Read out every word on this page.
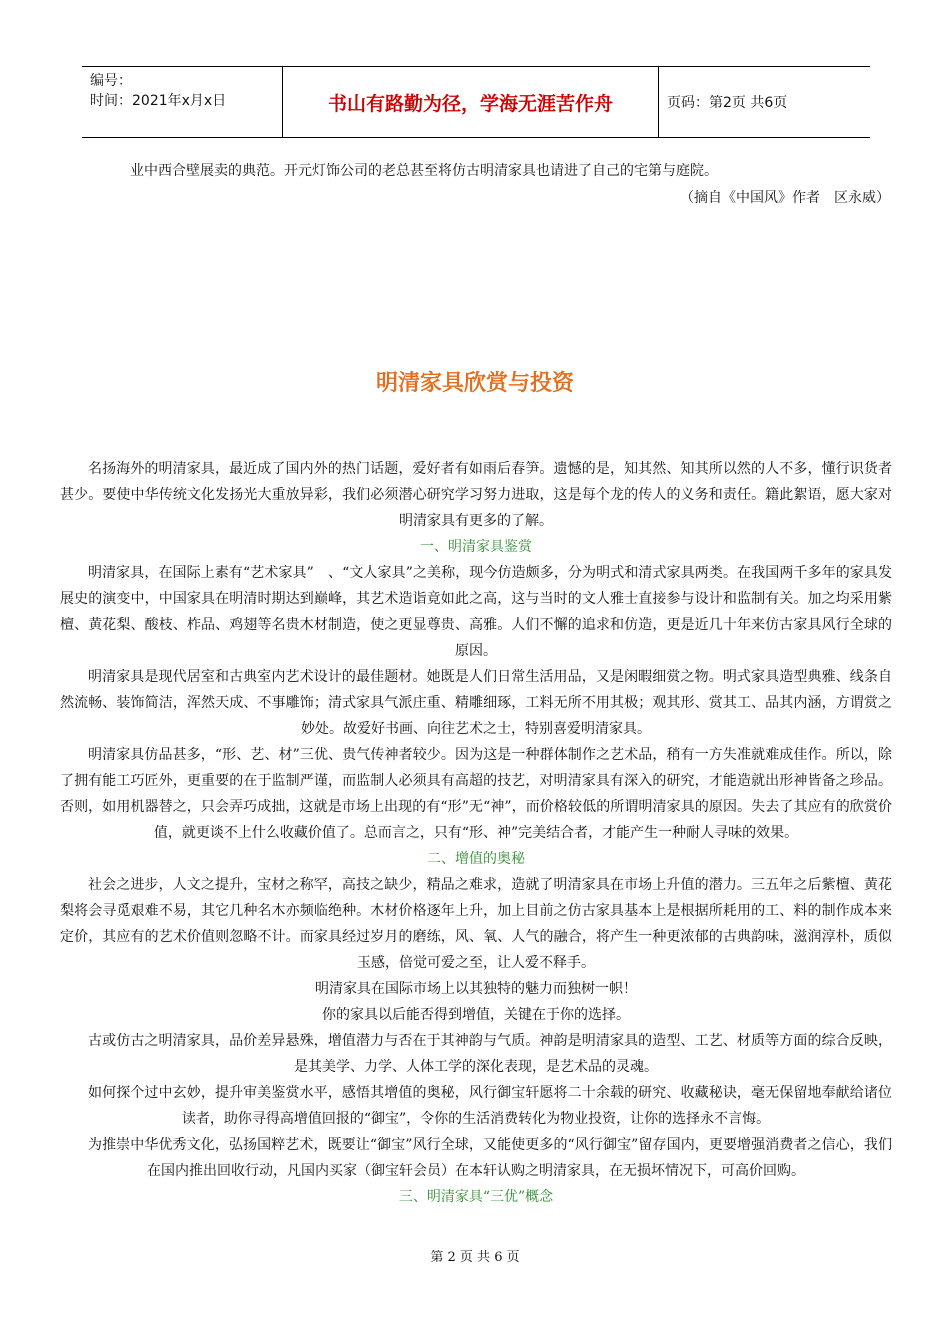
编号：
时间：2021年x月x日	书山有路勤为径，学海无涯苦作舟	页码：第2页 共6页
业中西合壁展卖的典范。开元灯饰公司的老总甚至将仿古明清家具也请进了自己的宅第与庭院。
（摘自《中国风》作者　区永威）
明清家具欣赏与投资

名扬海外的明清家具，最近成了国内外的热门话题，爱好者有如雨后春笋。遗憾的是，知其然、知其所以然的人不多，懂行识货者甚少。要使中华传统文化发扬光大重放异彩，我们必须潜心研究学习努力进取，这是每个龙的传人的义务和责任。籍此絮语，愿大家对明清家具有更多的了解。

一、明清家具鉴赏

明清家具，在国际上素有“艺术家具”　、“文人家具”之美称，现今仿造颇多，分为明式和清式家具两类。在我国两千多年的家具发展史的演变中，中国家具在明清时期达到巅峰，其艺术造诣竟如此之高，这与当时的文人雅士直接参与设计和监制有关。加之均采用紫檀、黄花梨、酸枝、柞品、鸡翅等名贵木材制造，使之更显尊贵、高雅。人们不懈的追求和仿造，更是近几十年来仿古家具风行全球的原因。

明清家具是现代居室和古典室内艺术设计的最佳题材。她既是人们日常生活用品，又是闲暇细赏之物。明式家具造型典雅、线条自然流畅、装饰简洁，浑然天成、不事雕饰；清式家具气派庄重、精雕细琢，工料无所不用其极；观其形、赏其工、品其内涵，方谓赏之妙处。故爱好书画、向往艺术之士，特别喜爱明清家具。

明清家具仿品甚多，“形、艺、材”三优、贵气传神者较少。因为这是一种群体制作之艺术品，稍有一方失准就难成佳作。所以，除了拥有能工巧匠外，更重要的在于监制严谨，而监制人必须具有高超的技艺，对明清家具有深入的研究，才能造就出形神皆备之珍品。否则，如用机器替之，只会弄巧成拙，这就是市场上出现的有“形”无“神”，而价格较低的所谓明清家具的原因。失去了其应有的欣赏价值，就更谈不上什么收藏价值了。总而言之，只有“形、神”完美结合者，才能产生一种耐人寻味的效果。

二、增值的奥秘

社会之进步，人文之提升，宝材之称罕，高技之缺少，精品之难求，造就了明清家具在市场上升值的潜力。三五年之后紫檀、黄花梨将会寻觅艰难不易，其它几种名木亦频临绝种。木材价格逐年上升，加上目前之仿古家具基本上是根据所耗用的工、料的制作成本来定价，其应有的艺术价值则忽略不计。而家具经过岁月的磨练，风、氧、人气的融合，将产生一种更浓郁的古典韵味，滋润淳朴，质似玉感，倍觉可爱之至，让人爱不释手。

明清家具在国际市场上以其独特的魅力而独树一帜！

你的家具以后能否得到增值，关键在于你的选择。

古或仿古之明清家具，品价差异悬殊，增值潜力与否在于其神韵与气质。神韵是明清家具的造型、工艺、材质等方面的综合反映，是其美学、力学、人体工学的深化表现，是艺术品的灵魂。

如何探个过中玄妙，提升审美鉴赏水平，感悟其增值的奥秘，风行御宝轩愿将二十余载的研究、收藏秘诀，毫无保留地奉献给诸位读者，助你寻得高增值回报的“御宝”，令你的生活消费转化为物业投资，让你的选择永不言悔。

为推崇中华优秀文化，弘扬国粹艺术，既要让“御宝”风行全球，又能使更多的“风行御宝”留存国内，更要增强消费者之信心，我们在国内推出回收行动，凡国内买家（御宝轩会员）在本轩认购之明清家具，在无损坏情况下，可高价回购。

三、明清家具“三优”概念

第 2 页 共 6 页
